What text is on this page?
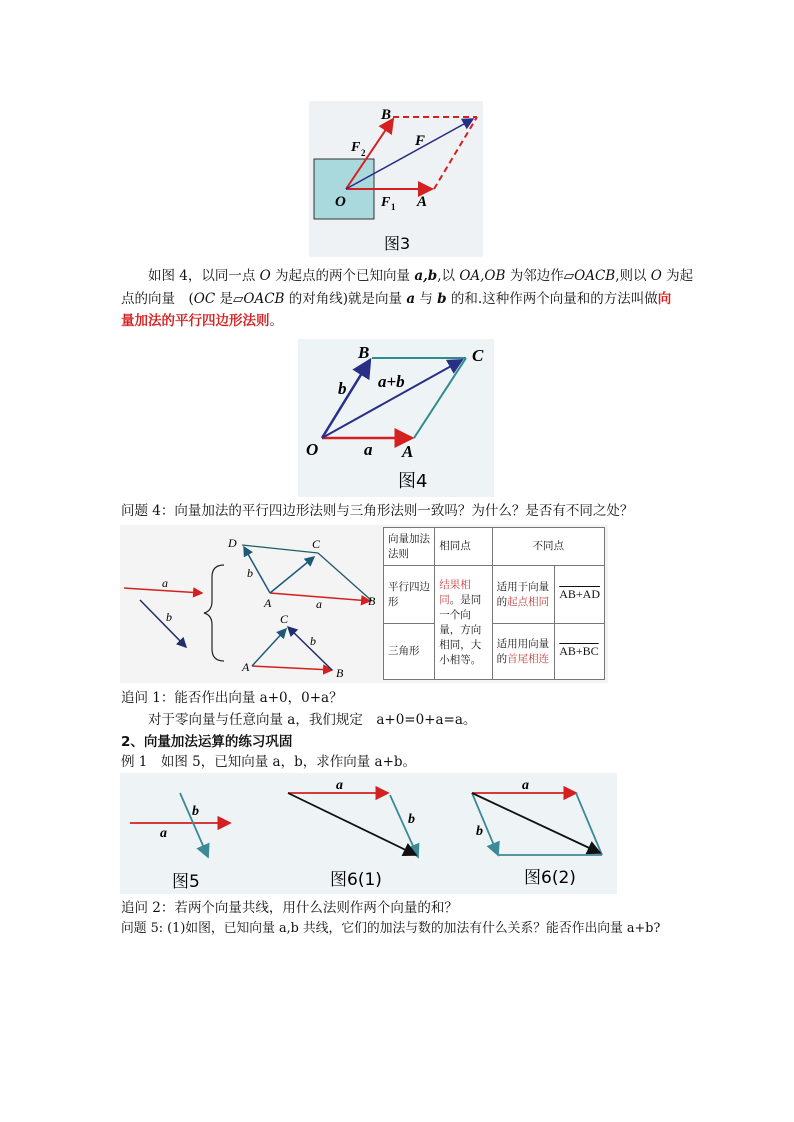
B
F
F 2
O	F 1 A
图3
如图 4，以同一点 O 为起点的两个已知向量 a,b,以 OA,OB 为邻边作▱OACB,则以 O 为起
点的向量　(OC 是▱OACB 的对角线)就是向量 a 与 b 的和.这种作两个向量和的方法叫做向
量加法的平行四边形法则。
B	C
b a+b
O	a A
图4
问题 4：向量加法的平行四边形法则与三角形法则一致吗？为什么？是否有不同之处？
a
b
D	C
b
A	a	B
C
b
A	B
向量加法法则	相同点	不同点	
平行四边形	结果相同。是同一个向量，方向相同，大小相等。	适用于向量的起点相同	AB+AD
三角形		适用用向量的首尾相连	AB+BC
追问 1：能否作出向量 a+0，0+a？
对于零向量与任意向量 a，我们规定　a+0=0+a=a。
2、向量加法运算的练习巩固
例 1　如图 5，已知向量 a，b，求作向量 a+b。
b
a
图5
a
b
图6(1)
a
b
图6(2)
追问 2：若两个向量共线，用什么法则作两个向量的和？
问题 5: (1)如图，已知向量 a,b 共线，它们的加法与数的加法有什么关系？能否作出向量 a+b?
